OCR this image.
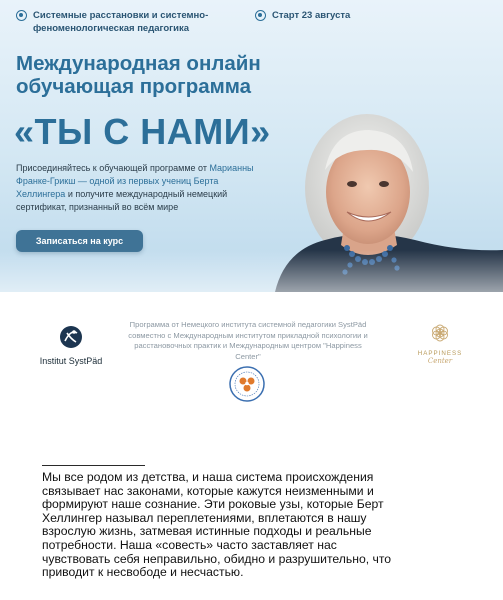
Системные расстановки и системно-феноменологическая педагогика
Старт 23 августа
Международная онлайн обучающая программа
«ТЫ С НАМИ»

Присоединяйтесь к обучающей программе от Марианны Франке-Грикш — одной из первых учениц Берта Хеллингера и получите международный немецкий сертификат, признанный во всём мире

Записаться на курс
Institut SystPäd

Программа от Немецкого института системной педагогики SystPäd совместно с Международным институтом прикладной психологии и расстановочных практик и Международным центром "Happiness Center"	HAPPINESS
Center

Мы все родом из детства, и наша система происхождения связывает нас законами, которые кажутся неизменными и формируют наше сознание. Эти роковые узы, которые Берт Хеллингер называл переплетениями, вплетаются в нашу взрослую жизнь, затмевая истинные подходы и реальные потребности. Наша «совесть» часто заставляет нас чувствовать себя неправильно, обидно и разрушительно, что приводит к несвободе и несчастью.
